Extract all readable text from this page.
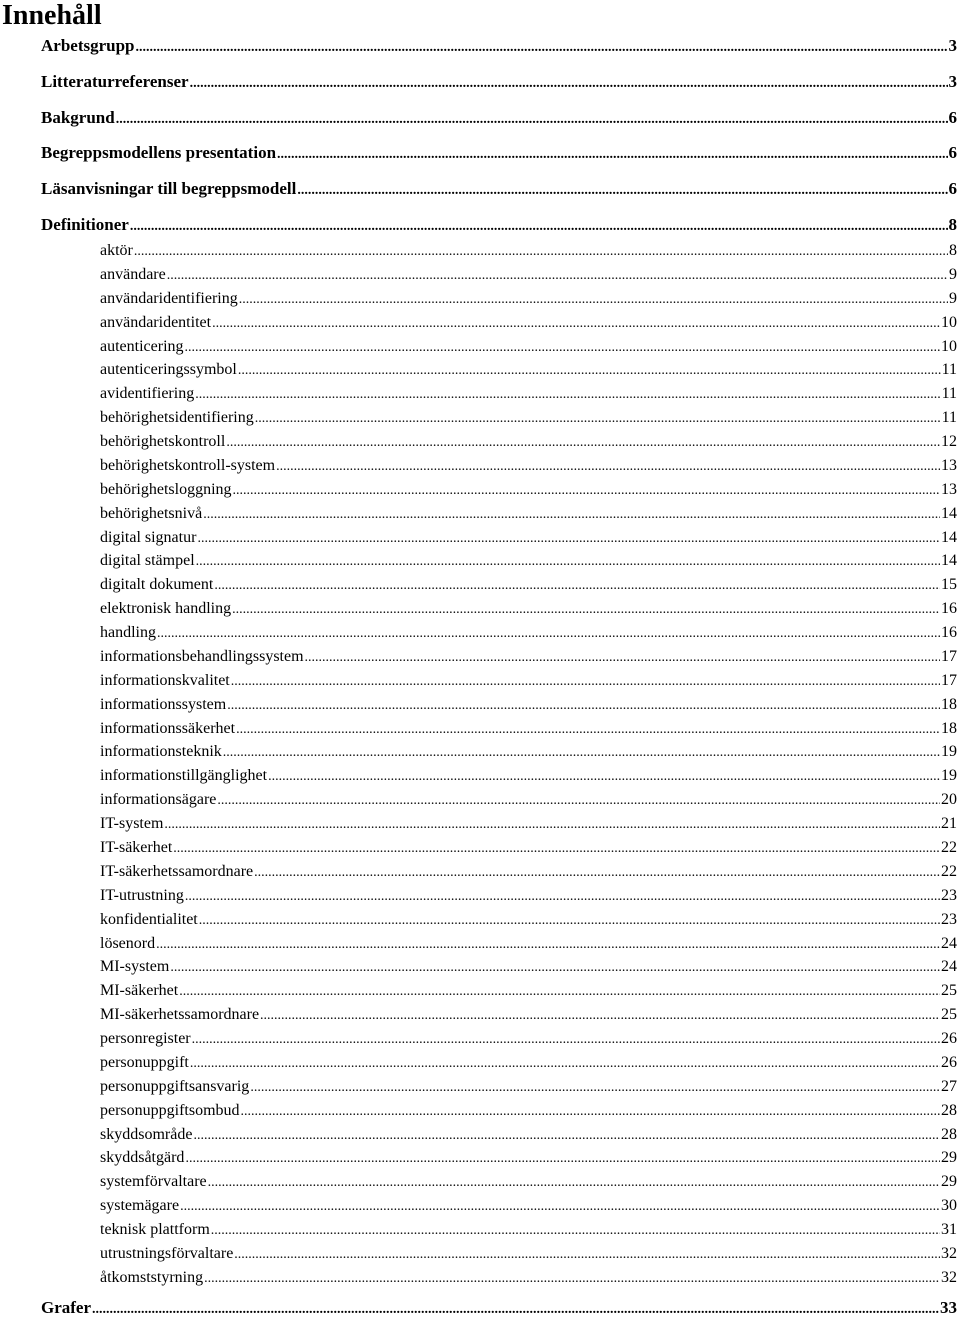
Innehåll
Arbetsgrupp .....	3
Litteraturreferenser .....	3
Bakgrund .....	6
Begreppsmodellens presentation .....	6
Läsanvisningar till begreppsmodell .....	6
Definitioner .....	8
aktör .....	8
användare .....	9
användaridentifiering .....	9
användaridentitet .....	10
autenticering .....	10
autenticeringssymbol .....	11
avidentifiering .....	11
behörighetsidentifiering .....	11
behörighetskontroll .....	12
behörighetskontroll-system .....	13
behörighetsloggning .....	13
behörighetsnivå .....	14
digital signatur .....	14
digital stämpel .....	14
digitalt dokument .....	15
elektronisk handling .....	16
handling .....	16
informationsbehandlingssystem .....	17
informationskvalitet .....	17
informationssystem .....	18
informationssäkerhet .....	18
informationsteknik .....	19
informationstillgänglighet .....	19
informationsägare .....	20
IT-system .....	21
IT-säkerhet .....	22
IT-säkerhetssamordnare .....	22
IT-utrustning .....	23
konfidentialitet .....	23
lösenord .....	24
MI-system .....	24
MI-säkerhet .....	25
MI-säkerhetssamordnare .....	25
personregister .....	26
personuppgift .....	26
personuppgiftsansvarig .....	27
personuppgiftsombud .....	28
skyddsområde .....	28
skyddsåtgärd .....	29
systemförvaltare .....	29
systemägare .....	30
teknisk plattform .....	31
utrustningsförvaltare .....	32
åtkomststyrning .....	32
Grafer .....	33
